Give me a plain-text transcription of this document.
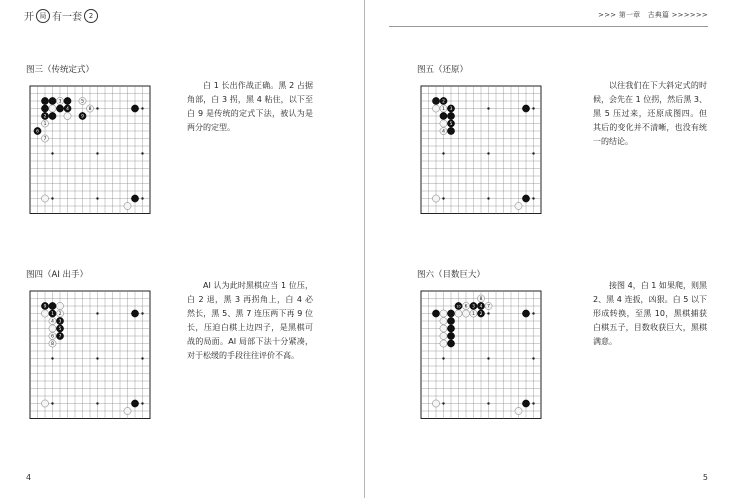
开 局 有一套 2
图三（传统定式）
3	5
4	8
2	9
1
6
7
白 1 长出作战正确。黑 2 占据角部，白 3 拐，黑 4 粘住，以下至白 9 是传统的定式下法，被认为是两分的定型。
图四（AI 出手）
9
1 2
4 3
5
6 7
8
AI 认为此时黑棋应当 1 位压，白 2 退，黑 3 再拐角上，白 4 必然长，黑 5、黑 7 连压两下再 9 位长，压迫白棋上边四子，是黑棋可战的局面。AI 局部下法十分紧凑，对于松缓的手段往往评价不高。
4
>>> 第一章　古典篇 >>>>>>
图五（还原）
2
1 3
5
4
以往我们在下大斜定式的时候，会先在 1 位拐，然后黑 3、黑 5 压过来，还原成图四。但其后的变化并不清晰，也没有统一的结论。
图六（目数巨大）
8
10 6 3 4 7
1 2
接图 4，白 1 如果爬，则黑 2、黑 4 连扳，凶狠。白 5 以下形成转换，至黑 10，黑棋捕获白棋五子，目数收获巨大，黑棋满意。
5
